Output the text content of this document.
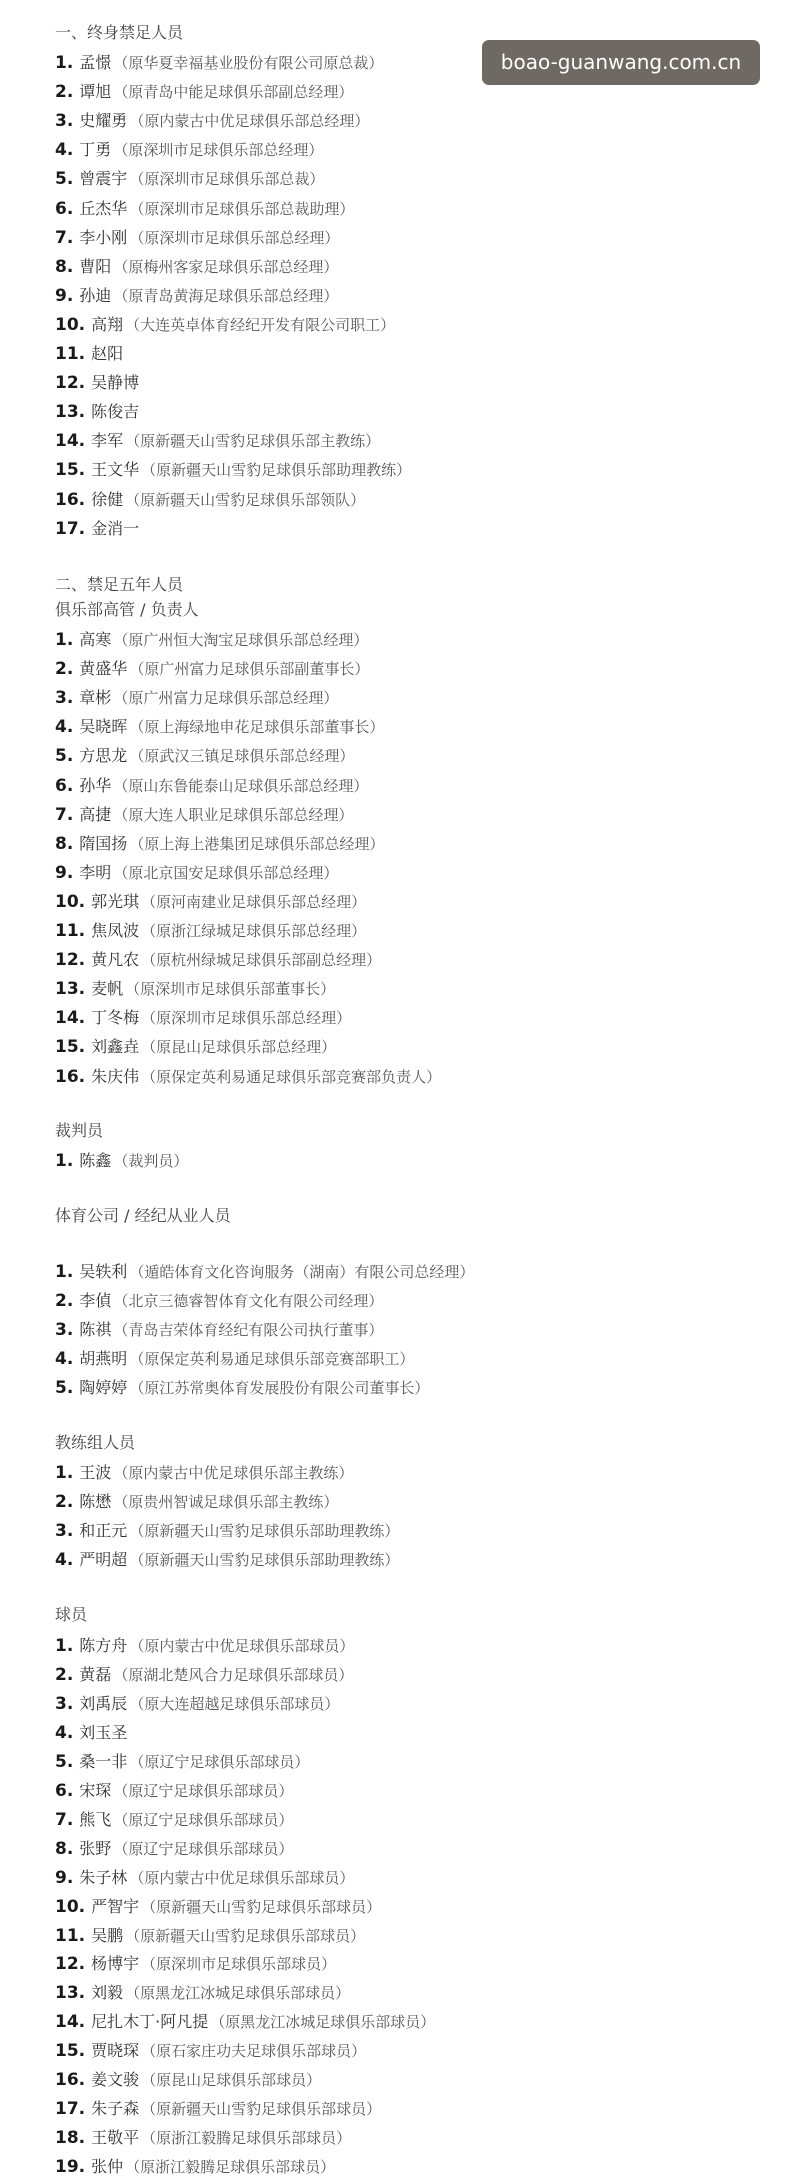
一、终身禁足人员
1. 孟憬 （原华夏幸福基业股份有限公司原总裁）
2. 谭旭 （原青岛中能足球俱乐部副总经理）
3. 史耀勇 （原内蒙古中优足球俱乐部总经理）
4. 丁勇 （原深圳市足球俱乐部总经理）
5. 曾震宇 （原深圳市足球俱乐部总裁）
6. 丘杰华 （原深圳市足球俱乐部总裁助理）
7. 李小刚 （原深圳市足球俱乐部总经理）
8. 曹阳 （原梅州客家足球俱乐部总经理）
9. 孙迪 （原青岛黄海足球俱乐部总经理）
10. 高翔 （大连英卓体育经纪开发有限公司职工）
11. 赵阳
12. 吴静博
13. 陈俊吉
14. 李军 （原新疆天山雪豹足球俱乐部主教练）
15. 王文华 （原新疆天山雪豹足球俱乐部助理教练）
16. 徐健 （原新疆天山雪豹足球俱乐部领队）
17. 金消一
二、禁足五年人员
俱乐部高管 / 负责人
1. 高寒 （原广州恒大淘宝足球俱乐部总经理）
2. 黄盛华 （原广州富力足球俱乐部副董事长）
3. 章彬 （原广州富力足球俱乐部总经理）
4. 吴晓晖 （原上海绿地申花足球俱乐部董事长）
5. 方思龙 （原武汉三镇足球俱乐部总经理）
6. 孙华 （原山东鲁能泰山足球俱乐部总经理）
7. 高捷 （原大连人职业足球俱乐部总经理）
8. 隋国扬 （原上海上港集团足球俱乐部总经理）
9. 李明 （原北京国安足球俱乐部总经理）
10. 郭光琪 （原河南建业足球俱乐部总经理）
11. 焦凤波 （原浙江绿城足球俱乐部总经理）
12. 黄凡农 （原杭州绿城足球俱乐部副总经理）
13. 麦帆 （原深圳市足球俱乐部董事长）
14. 丁冬梅 （原深圳市足球俱乐部总经理）
15. 刘鑫垚 （原昆山足球俱乐部总经理）
16. 朱庆伟 （原保定英利易通足球俱乐部竞赛部负责人）
裁判员
1. 陈鑫 （裁判员）
体育公司 / 经纪从业人员
1. 吴轶利 （遁皓体育文化咨询服务（湖南）有限公司总经理）
2. 李偵 （北京三德睿智体育文化有限公司经理）
3. 陈祺 （青岛吉荣体育经纪有限公司执行董事）
4. 胡燕明 （原保定英利易通足球俱乐部竞赛部职工）
5. 陶婷婷 （原江苏常奥体育发展股份有限公司董事长）
教练组人员
1. 王波 （原内蒙古中优足球俱乐部主教练）
2. 陈懋 （原贵州智诚足球俱乐部主教练）
3. 和正元 （原新疆天山雪豹足球俱乐部助理教练）
4. 严明超 （原新疆天山雪豹足球俱乐部助理教练）
球员
1. 陈方舟 （原内蒙古中优足球俱乐部球员）
2. 黄磊 （原湖北楚风合力足球俱乐部球员）
3. 刘禹辰 （原大连超越足球俱乐部球员）
4. 刘玉圣
5. 桑一非 （原辽宁足球俱乐部球员）
6. 宋琛 （原辽宁足球俱乐部球员）
7. 熊飞 （原辽宁足球俱乐部球员）
8. 张野 （原辽宁足球俱乐部球员）
9. 朱子林 （原内蒙古中优足球俱乐部球员）
10. 严智宇 （原新疆天山雪豹足球俱乐部球员）
11. 吴鹏 （原新疆天山雪豹足球俱乐部球员）
12. 杨博宇 （原深圳市足球俱乐部球员）
13. 刘毅 （原黑龙江冰城足球俱乐部球员）
14. 尼扎木丁·阿凡提 （原黑龙江冰城足球俱乐部球员）
15. 贾晓琛 （原石家庄功夫足球俱乐部球员）
16. 姜文骏 （原昆山足球俱乐部球员）
17. 朱子森 （原新疆天山雪豹足球俱乐部球员）
18. 王敬平 （原浙江毅腾足球俱乐部球员）
19. 张仲 （原浙江毅腾足球俱乐部球员）
boao-guanwang.com.cn
